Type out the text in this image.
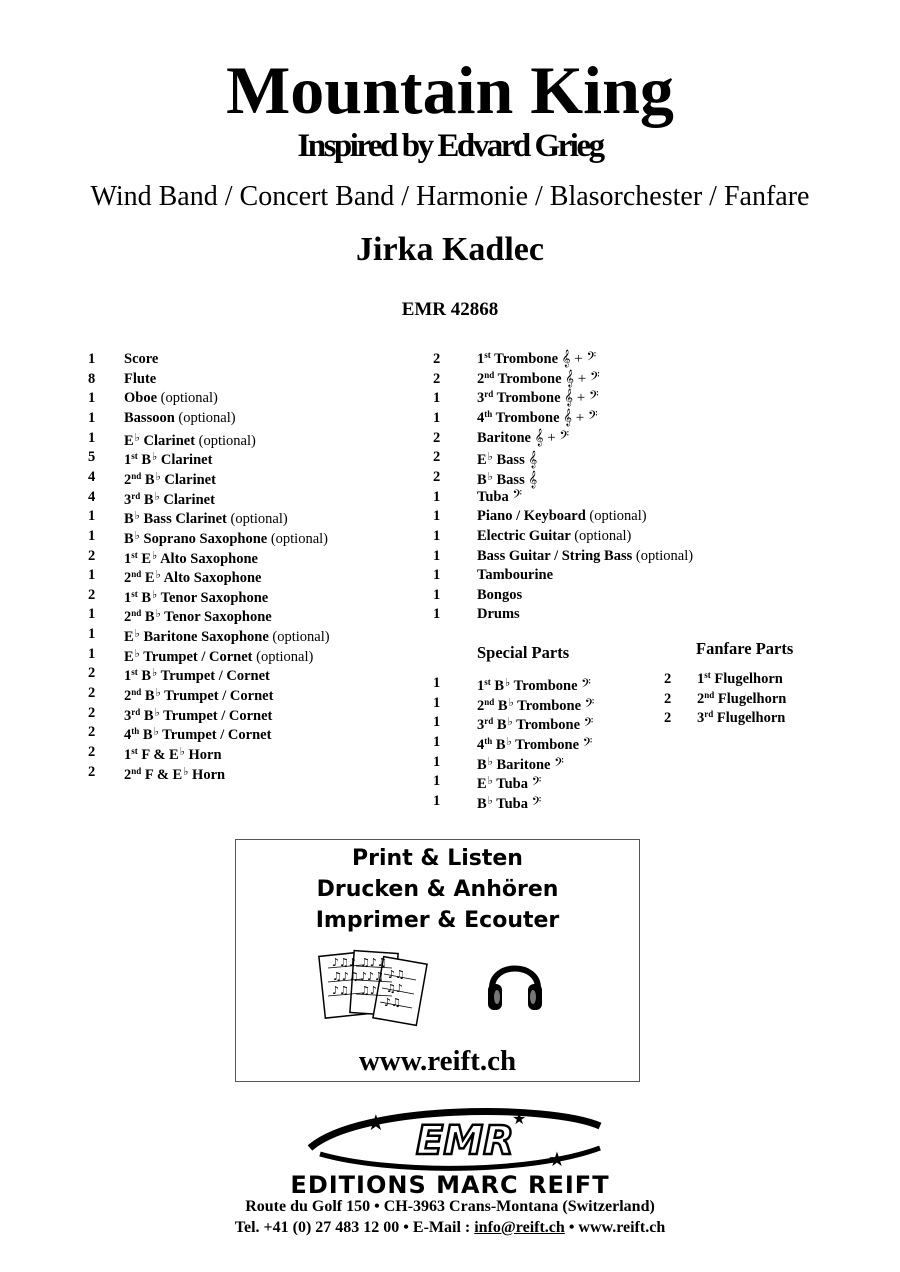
Mountain King
Inspired by Edvard Grieg
Wind Band / Concert Band / Harmonie / Blasorchester / Fanfare
Jirka Kadlec
EMR 42868
1 Score
8 Flute
1 Oboe (optional)
1 Bassoon (optional)
1 E♭ Clarinet (optional)
5 1st B♭ Clarinet
4 2nd B♭ Clarinet
4 3rd B♭ Clarinet
1 B♭ Bass Clarinet (optional)
1 B♭ Soprano Saxophone (optional)
2 1st E♭ Alto Saxophone
1 2nd E♭ Alto Saxophone
2 1st B♭ Tenor Saxophone
1 2nd B♭ Tenor Saxophone
1 E♭ Baritone Saxophone (optional)
1 E♭ Trumpet / Cornet (optional)
2 1st B♭ Trumpet / Cornet
2 2nd B♭ Trumpet / Cornet
2 3rd B♭ Trumpet / Cornet
2 4th B♭ Trumpet / Cornet
2 1st F & E♭ Horn
2 2nd F & E♭ Horn
2	1st Trombone 𝄞 + 𝄢
2	2nd Trombone 𝄞 + 𝄢
1	3rd Trombone 𝄞 + 𝄢
1	4th Trombone 𝄞 + 𝄢
2	Baritone 𝄞 + 𝄢
2	E♭ Bass 𝄞
2	B♭ Bass 𝄞
1	Tuba 𝄢
1	Piano / Keyboard (optional)
1	Electric Guitar (optional)
1	Bass Guitar / String Bass (optional)
1	Tambourine
1	Bongos
1	Drums
1	1st B♭ Trombone 𝄢
1	2nd B♭ Trombone 𝄢
1	3rd B♭ Trombone 𝄢
1	4th B♭ Trombone 𝄢
1	B♭ Baritone 𝄢
1	E♭ Tuba 𝄢
1	B♭ Tuba 𝄢
2 1st Flugelhorn
2 2nd Flugelhorn
2 3rd Flugelhorn
Special Parts	Fanfare Parts
Print & Listen
Drucken & Anhören
Imprimer & Ecouter
♪♫♪
♫♪♫
♪♫
♫♪♫
♪♪♫
♫♪
♪♫
♫♪
♪♫
www.reift.ch
EMR
★	★
★
EDITIONS MARC REIFT
Route du Golf 150 • CH-3963 Crans-Montana (Switzerland)
Tel. +41 (0) 27 483 12 00 • E-Mail : info@reift.ch • www.reift.ch
